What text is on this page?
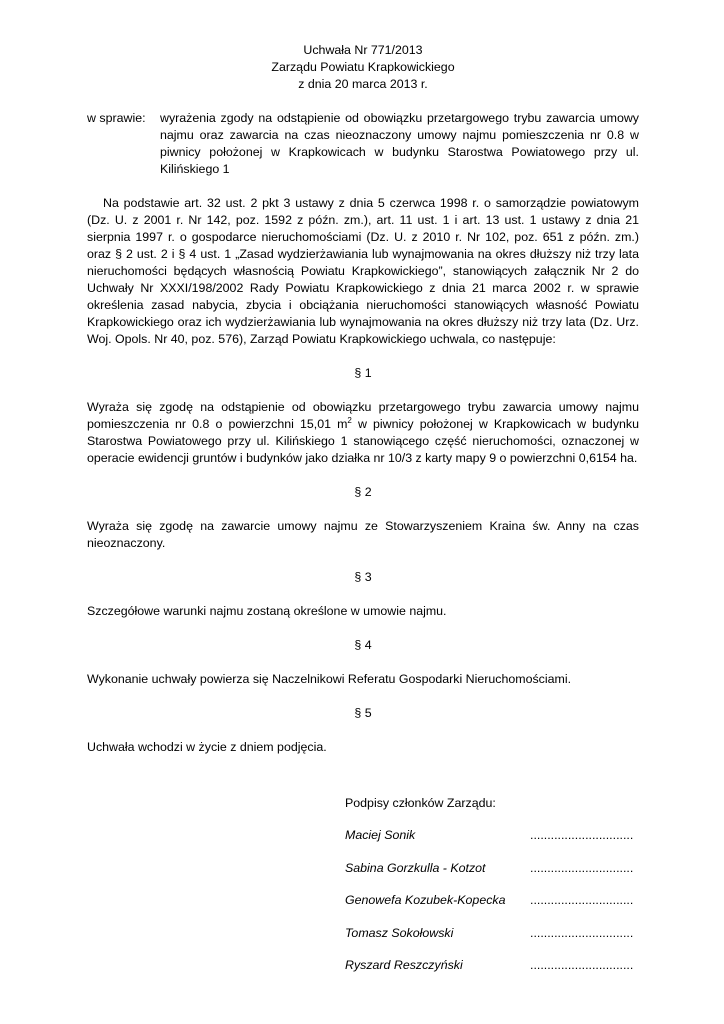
Uchwała Nr 771/2013
Zarządu Powiatu Krapkowickiego
z dnia 20 marca 2013 r.
w sprawie:	wyrażenia zgody na odstąpienie od obowiązku przetargowego trybu zawarcia umowy najmu oraz zawarcia na czas nieoznaczony umowy najmu pomieszczenia nr 0.8 w piwnicy położonej w Krapkowicach w budynku Starostwa Powiatowego przy ul. Kilińskiego 1
Na podstawie art. 32 ust. 2 pkt 3 ustawy z dnia 5 czerwca 1998 r. o samorządzie powiatowym (Dz. U. z 2001 r. Nr 142, poz. 1592 z późn. zm.), art. 11 ust. 1 i art. 13 ust. 1 ustawy z dnia 21 sierpnia 1997 r. o gospodarce nieruchomościami (Dz. U. z 2010 r. Nr 102, poz. 651 z późn. zm.) oraz § 2 ust. 2 i § 4 ust. 1 „Zasad wydzierżawiania lub wynajmowania na okres dłuższy niż trzy lata nieruchomości będących własnością Powiatu Krapkowickiego”, stanowiących załącznik Nr 2 do Uchwały Nr XXXI/198/2002 Rady Powiatu Krapkowickiego z dnia 21 marca 2002 r. w sprawie określenia zasad nabycia, zbycia i obciążania nieruchomości stanowiących własność Powiatu Krapkowickiego oraz ich wydzierżawiania lub wynajmowania na okres dłuższy niż trzy lata (Dz. Urz. Woj. Opols. Nr 40, poz. 576), Zarząd Powiatu Krapkowickiego uchwala, co następuje:
§ 1
Wyraża się zgodę na odstąpienie od obowiązku przetargowego trybu zawarcia umowy najmu pomieszczenia nr 0.8 o powierzchni 15,01 $m^2$ w piwnicy położonej w Krapkowicach w budynku Starostwa Powiatowego przy ul. Kilińskiego 1 stanowiącego część nieruchomości, oznaczonej w operacie ewidencji gruntów i budynków jako działka nr 10/3 z karty mapy 9 o powierzchni 0,6154 ha.
§ 2
Wyraża się zgodę na zawarcie umowy najmu ze Stowarzyszeniem Kraina św. Anny na czas nieoznaczony.
§ 3
Szczegółowe warunki najmu zostaną określone w umowie najmu.
§ 4
Wykonanie uchwały powierza się Naczelnikowi Referatu Gospodarki Nieruchomościami.
§ 5
Uchwała wchodzi w życie z dniem podjęcia.
Podpisy członków Zarządu:
Maciej Sonik	..............................
Sabina Gorzkulla - Kotzot	..............................
Genowefa Kozubek-Kopecka ..............................
Tomasz Sokołowski	..............................
Ryszard Reszczyński	..............................
